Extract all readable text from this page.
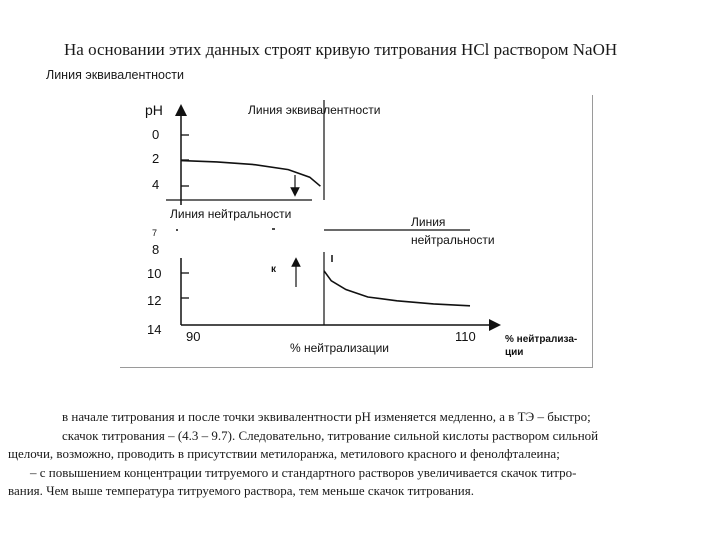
На основании этих данных строят кривую титрования HCl раствором NaOH
Линия эквивалентности
pH
0
2
4
7
8
10
12
14 90	110
% нейтрализации
% нейтрализа-
ции
Линия эквивалентности
Линия нейтральности
Линия
нейтральности
к

в начале титрования и после точки эквивалентности pH изменяется медленно, а в ТЭ – быстро;

скачок титрования – (4.3 – 9.7). Следовательно, титрование сильной кислоты раствором сильной

щелочи, возможно, проводить в присутствии метилоранжа, метилового красного и фенолфталеина;

– с повышением концентрации титруемого и стандартного растворов увеличивается скачок титро-

вания. Чем выше температура титруемого раствора, тем меньше скачок титрования.
